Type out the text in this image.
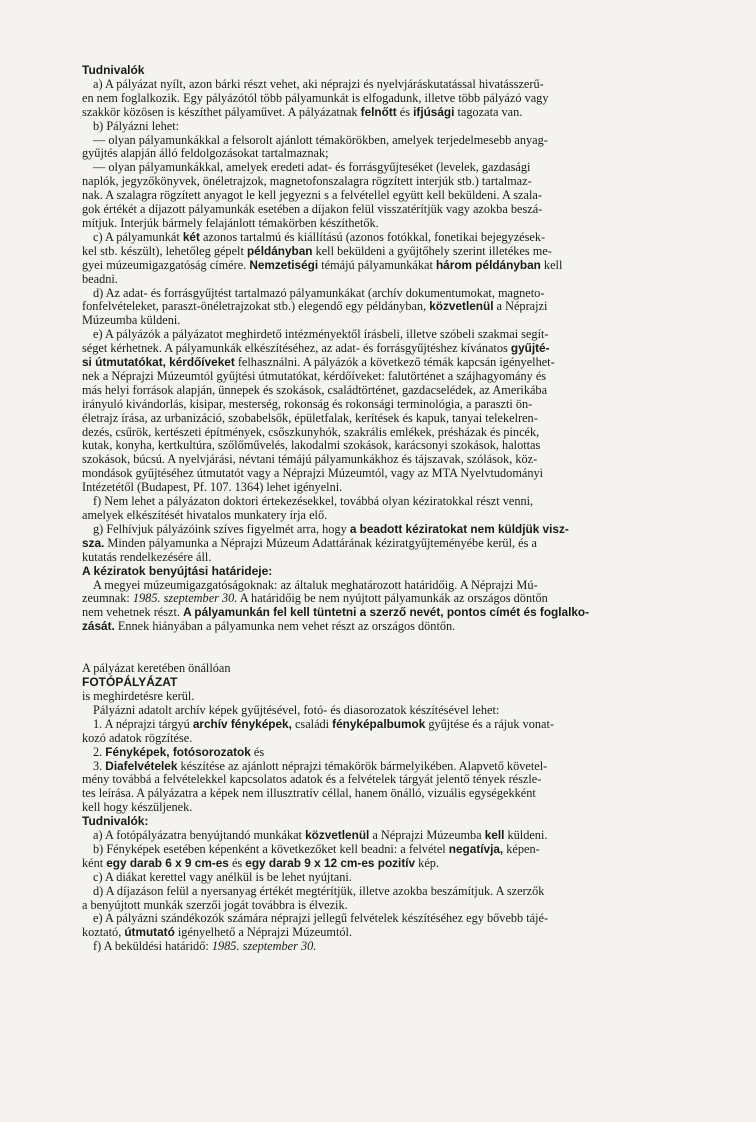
Tudnivalók

a) A pályázat nyílt, azon bárki részt vehet, aki néprajzi és nyelvjáráskutatással hivatásszerű-

en nem foglalkozik. Egy pályázótól több pályamunkát is elfogadunk, illetve több pályázó vagy

szakkör közösen is készíthet pályaművet. A pályázatnak felnőtt és ifjúsági tagozata van.

b) Pályázni lehet:

— olyan pályamunkákkal a felsorolt ajánlott témakörökben, amelyek terjedelmesebb anyag-

gyűjtés alapján álló feldolgozásokat tartalmaznak;

— olyan pályamunkákkal, amelyek eredeti adat- és forrásgyűjteséket (levelek, gazdasági

naplók, jegyzőkönyvek, önéletrajzok, magnetofonszalagra rögzített interjúk stb.) tartalmaz-

nak. A szalagra rögzített anyagot le kell jegyezni s a felvétellel együtt kell beküldeni. A szala-

gok értékét a díjazott pályamunkák esetében a díjakon felül visszatérítjük vagy azokba beszá-

mítjuk. Interjúk bármely felajánlott témakörben készíthetők.

c) A pályamunkát két azonos tartalmú és kiállítású (azonos fotókkal, fonetikai bejegyzések-

kel stb. készült), lehetőleg gépelt példányban kell beküldeni a gyűjtőhely szerint illetékes me-

gyei múzeumigazgatóság címére. Nemzetiségi témájú pályamunkákat három példányban kell

beadni.

d) Az adat- és forrásgyűjtést tartalmazó pályamunkákat (archív dokumentumokat, magneto-

fonfelvételeket, paraszt-önéletrajzokat stb.) elegendő egy példányban, közvetlenül a Néprajzi

Múzeumba küldeni.

e) A pályázók a pályázatot meghirdető intézményektől írásbeli, illetve szóbeli szakmai segít-

séget kérhetnek. A pályamunkák elkészítéséhez, az adat- és forrásgyűjtéshez kívánatos gyűjté-

si útmutatókat, kérdőíveket felhasználni. A pályázók a következő témák kapcsán igényelhet-

nek a Néprajzi Múzeumtól gyűjtési útmutatókat, kérdőíveket: falutörténet a szájhagyomány és

más helyi források alapján, ünnepek és szokások, családtörténet, gazdacselédek, az Amerikába

irányuló kivándorlás, kisipar, mesterség, rokonság és rokonsági terminológia, a paraszti ön-

életrajz írása, az urbanizáció, szobabelsők, épületfalak, kerítések és kapuk, tanyai telekelren-

dezés, csűrök, kertészeti építmények, csőszkunyhók, szakrális emlékek, présházak és pincék,

kutak, konyha, kertkultúra, szőlőművelés, lakodalmi szokások, karácsonyi szokások, halottas

szokások, búcsú. A nyelvjárási, névtani témájú pályamunkákhoz és tájszavak, szólások, köz-

mondások gyűjtéséhez útmutatót vagy a Néprajzi Múzeumtól, vagy az MTA Nyelvtudományi

Intézetétől (Budapest, Pf. 107. 1364) lehet igényelni.

f) Nem lehet a pályázaton doktori értekezésekkel, továbbá olyan kéziratokkal részt venni,

amelyek elkészítését hivatalos munkatery írja elő.

g) Felhívjuk pályázóink szíves figyelmét arra, hogy a beadott kéziratokat nem küldjük visz-

sza. Minden pályamunka a Néprajzi Múzeum Adattárának kéziratgyűjteményébe kerül, és a

kutatás rendelkezésére áll.

A kéziratok benyújtási határideje:

A megyei múzeumigazgatóságoknak: az általuk meghatározott határidőig. A Néprajzi Mú-

zeumnak: 1985. szeptember 30. A határidőig be nem nyújtott pályamunkák az országos döntőn

nem vehetnek részt. A pályamunkán fel kell tüntetni a szerző nevét, pontos címét és foglalko-

zását. Ennek hiányában a pályamunka nem vehet részt az országos döntőn.

A pályázat keretében önállóan

FOTÓPÁLYÁZAT

is meghirdetésre kerül.

Pályázni adatolt archív képek gyűjtésével, fotó- és diasorozatok készítésével lehet:

1. A néprajzi tárgyú archív fényképek, családi fényképalbumok gyűjtése és a rájuk vonat-

kozó adatok rögzítése.

2. Fényképek, fotósorozatok és

3. Diafelvételek készítése az ajánlott néprajzi témakörök bármelyikében. Alapvető követel-

mény továbbá a felvételekkel kapcsolatos adatok és a felvételek tárgyát jelentő tények részle-

tes leírása. A pályázatra a képek nem illusztratív céllal, hanem önálló, vizuális egységekként

kell hogy készüljenek.

Tudnivalók:

a) A fotópályázatra benyújtandó munkákat közvetlenül a Néprajzi Múzeumba kell küldeni.

b) Fényképek esetében képenként a következőket kell beadni: a felvétel negatívja, képen-

ként egy darab 6 x 9 cm-es és egy darab 9 x 12 cm-es pozitív kép.

c) A diákat kerettel vagy anélkül is be lehet nyújtani.

d) A díjazáson felül a nyersanyag értékét megtérítjük, illetve azokba beszámítjuk. A szerzők

a benyújtott munkák szerzői jogát továbbra is élvezik.

e) A pályázni szándékozók számára néprajzi jellegű felvételek készítéséhez egy bővebb tájé-

koztató, útmutató igényelhető a Néprajzi Múzeumtól.

f) A beküldési határidő: 1985. szeptember 30.
